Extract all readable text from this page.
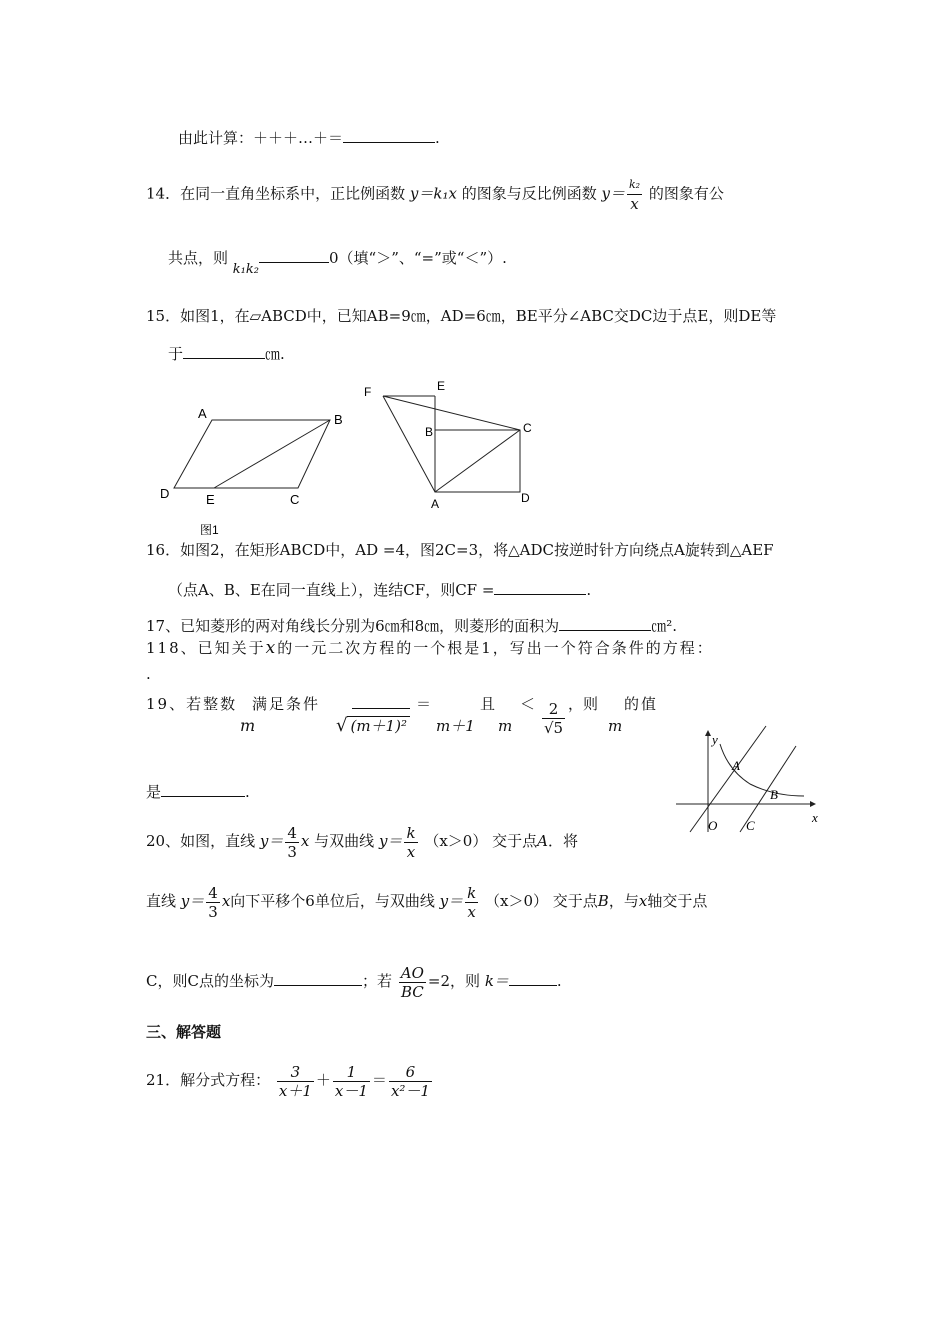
由此计算：＋＋＋…＋＝	.
14．在同一直角坐标系中，正比例函数 y＝k₁x 的图象与反比例函数 $y= \frac{\text{k₂}}{x}$ 的图象有公
共点，则 k₁k₂0（填“＞”、“=”或“＜”）.
15．如图1，在▱ABCD中，已知AB=9㎝，AD=6㎝，BE平分∠ABC交DC边于点E，则DE等
于	㎝.
A	B
C
D	E
图1
F	E
B	C
A	D
16．如图2，在矩形ABCD中，AD =4，图2C=3，将△ADC按逆时针方向绕点A旋转到△AEF
（点A、B、E在同一直线上），连结CF，则CF =	.
17、已知菱形的两对角线长分别为6㎝和8㎝，则菱形的面积为	㎝².
118、已知关于x的一元二次方程的一个根是1，写出一个符合条件的方程：
.
19、若整数
m
满足条件
√ (m＋1)²
＝
m＋1
且
m
＜ $\frac{2}{√5}$ ，则
m
的值
是	.
y
x
A
B
O C
20、如图，直线 $y= \frac{4}{3}$ x 与双曲线 $y= \frac{k}{x} (x>0)$ 交于点A．将
直线 $y= \frac{4}{3}$ x向下平移个6单位后，与双曲线 $y= \frac{k}{x} (x>0)$ 交于点B，与x轴交于点
C，则C点的坐标为	；若 $\frac{AO}{BC} =2$，则 k＝	.
三、解答题
21．解分式方程： $\frac{3}{x+1} + \frac{1}{x-1} = \frac{6}{\text{x²－1}}$
